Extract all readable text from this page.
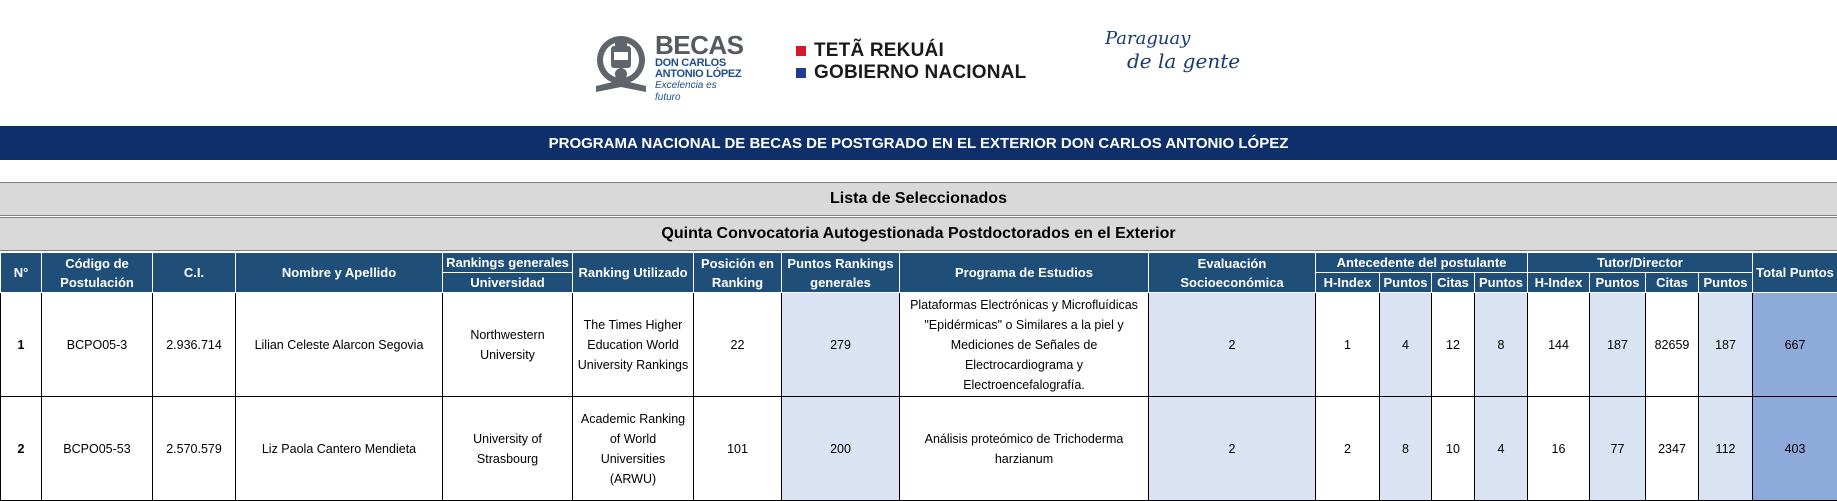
BECAS
DON CARLOS
ANTONIO LÓPEZ
Excelencia es futuro
TETÃ REKUÁI
GOBIERNO NACIONAL
Paraguay
de la gente
PROGRAMA NACIONAL DE BECAS DE POSTGRADO EN EL EXTERIOR DON CARLOS ANTONIO LÓPEZ
Lista de Seleccionados
Quinta Convocatoria Autogestionada Postdoctorados en el Exterior
N°	Código de Postulación	C.I.	Nombre y Apellido	Rankings generales	Ranking Utilizado	Posición en Ranking	Puntos Rankings generales	Programa de Estudios	Evaluación Socioeconómica	Antecedente del postulante				Tutor/Director				Total Puntos
				Universidad						H-Index	Puntos	Citas	Puntos	H-Index	Puntos	Citas	Puntos	
1	BCPO05-3	2.936.714	Lilian Celeste Alarcon Segovia	Northwestern University	The Times Higher Education World University Rankings	22	279	Plataformas Electrónicas y Microfluídicas "Epidérmicas" o Similares a la piel y Mediciones de Señales de Electrocardiograma y Electroencefalografía.	2	1	4	12	8	144	187	82659	187	667
2	BCPO05-53	2.570.579	Liz Paola Cantero Mendieta	University of Strasbourg	Academic Ranking of World Universities (ARWU)	101	200	Análisis proteómico de Trichoderma harzianum	2	2	8	10	4	16	77	2347	112	403
